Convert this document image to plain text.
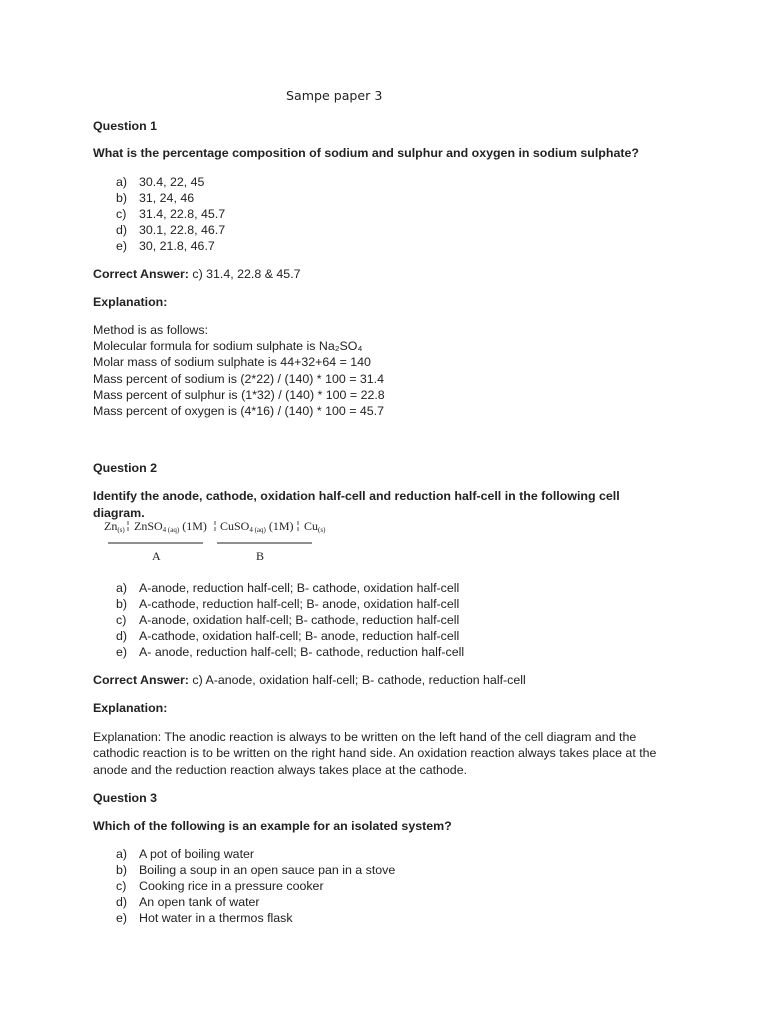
Sampe paper 3
Question 1
What is the percentage composition of sodium and sulphur and oxygen in sodium sulphate?
a) 30.4, 22, 45
b) 31, 24, 46
c) 31.4, 22.8, 45.7
d) 30.1, 22.8, 46.7
e) 30, 21.8, 46.7
Correct Answer: c) 31.4, 22.8 & 45.7
Explanation:
Method is as follows:
Molecular formula for sodium sulphate is Na₂SO₄
Molar mass of sodium sulphate is 44+32+64 = 140
Mass percent of sodium is (2*22) / (140) * 100 = 31.4
Mass percent of sulphur is (1*32) / (140) * 100 = 22.8
Mass percent of oxygen is (4*16) / (140) * 100 = 45.7
Question 2
Identify the anode, cathode, oxidation half-cell and reduction half-cell in the following cell diagram.
Zn(s) ZnSO4 (aq) (1M) CuSO4 (aq) (1M) Cu(s)
A	B
a) A-anode, reduction half-cell; B- cathode, oxidation half-cell
b) A-cathode, reduction half-cell; B- anode, oxidation half-cell
c) A-anode, oxidation half-cell; B- cathode, reduction half-cell
d) A-cathode, oxidation half-cell; B- anode, reduction half-cell
e) A- anode, reduction half-cell; B- cathode, reduction half-cell
Correct Answer: c) A-anode, oxidation half-cell; B- cathode, reduction half-cell
Explanation:
Explanation: The anodic reaction is always to be written on the left hand of the cell diagram and the cathodic reaction is to be written on the right hand side. An oxidation reaction always takes place at the anode and the reduction reaction always takes place at the cathode.
Question 3
Which of the following is an example for an isolated system?
a) A pot of boiling water
b) Boiling a soup in an open sauce pan in a stove
c) Cooking rice in a pressure cooker
d) An open tank of water
e) Hot water in a thermos flask
